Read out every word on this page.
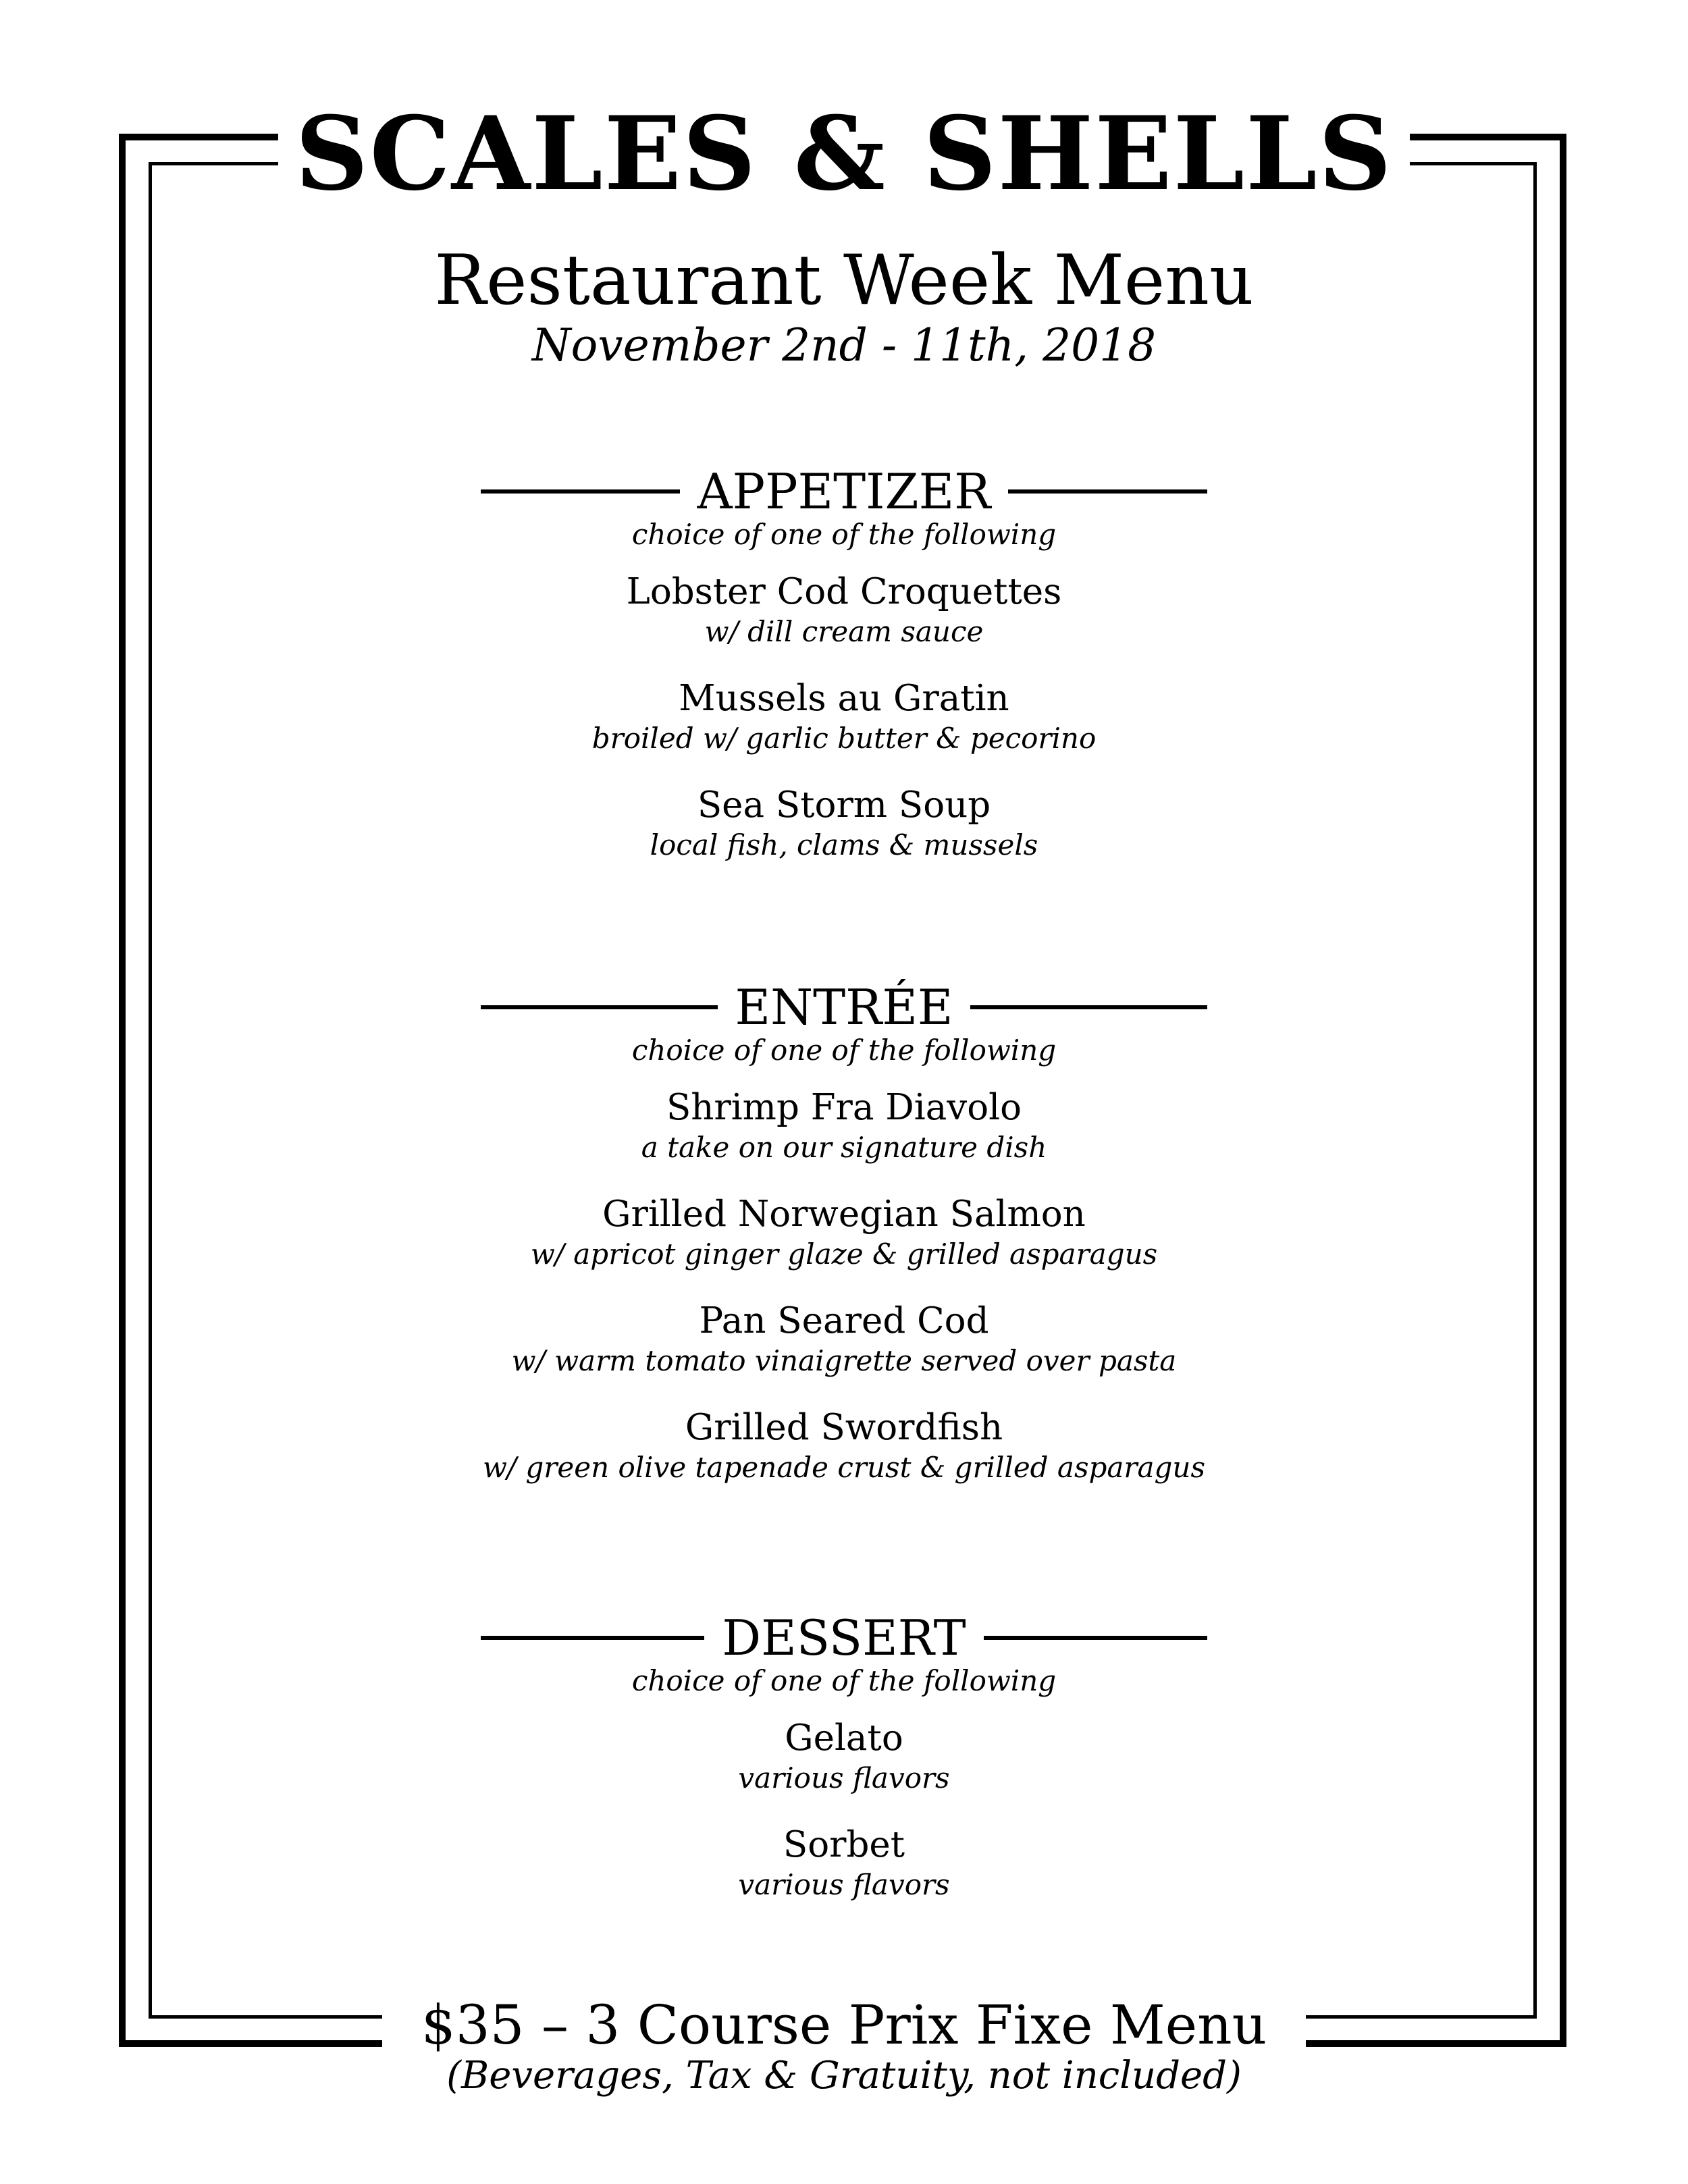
SCALES & SHELLS
Restaurant Week Menu
November 2nd - 11th, 2018
APPETIZER
choice of one of the following
Lobster Cod Croquettes
w/ dill cream sauce
Mussels au Gratin
broiled w/ garlic butter & pecorino
Sea Storm Soup
local fish, clams & mussels
ENTRÉE
choice of one of the following
Shrimp Fra Diavolo
a take on our signature dish
Grilled Norwegian Salmon
w/ apricot ginger glaze & grilled asparagus
Pan Seared Cod
w/ warm tomato vinaigrette served over pasta
Grilled Swordfish
w/ green olive tapenade crust & grilled asparagus
DESSERT
choice of one of the following
Gelato
various flavors
Sorbet
various flavors
$35 – 3 Course Prix Fixe Menu
(Beverages, Tax & Gratuity, not included)
